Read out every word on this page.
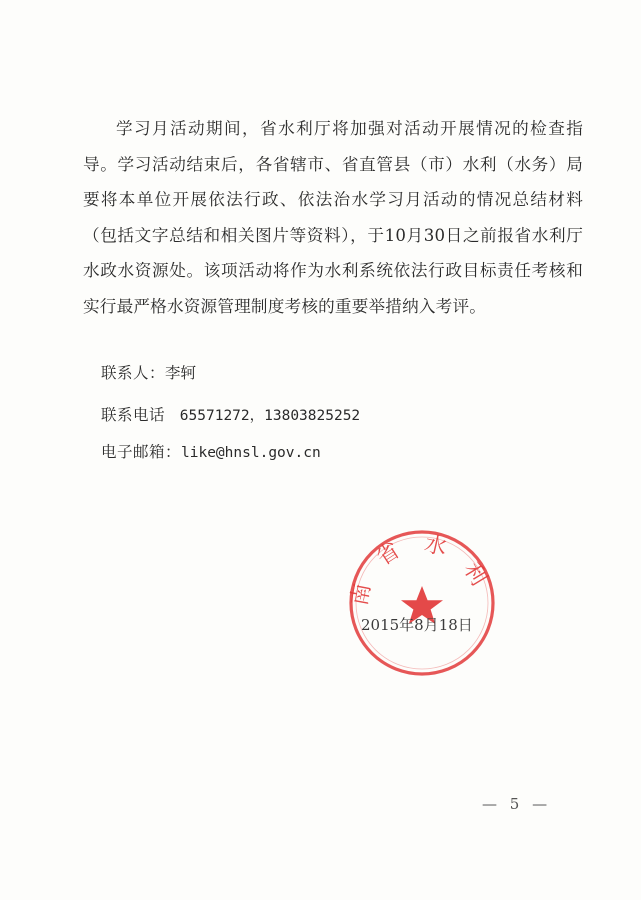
学习月活动期间，省水利厅将加强对活动开展情况的检查指导。学习活动结束后，各省辖市、省直管县（市）水利（水务）局要将本单位开展依法行政、依法治水学习月活动的情况总结材料（包括文字总结和相关图片等资料），于10月30日之前报省水利厅水政水资源处。该项活动将作为水利系统依法行政目标责任考核和实行最严格水资源管理制度考核的重要举措纳入考评。

联系人：李轲

联系电话 65571272，13803825252

电子邮箱：like@hnsl.gov.cn

南 省 水 利

2015年8月18日

— 5 —
